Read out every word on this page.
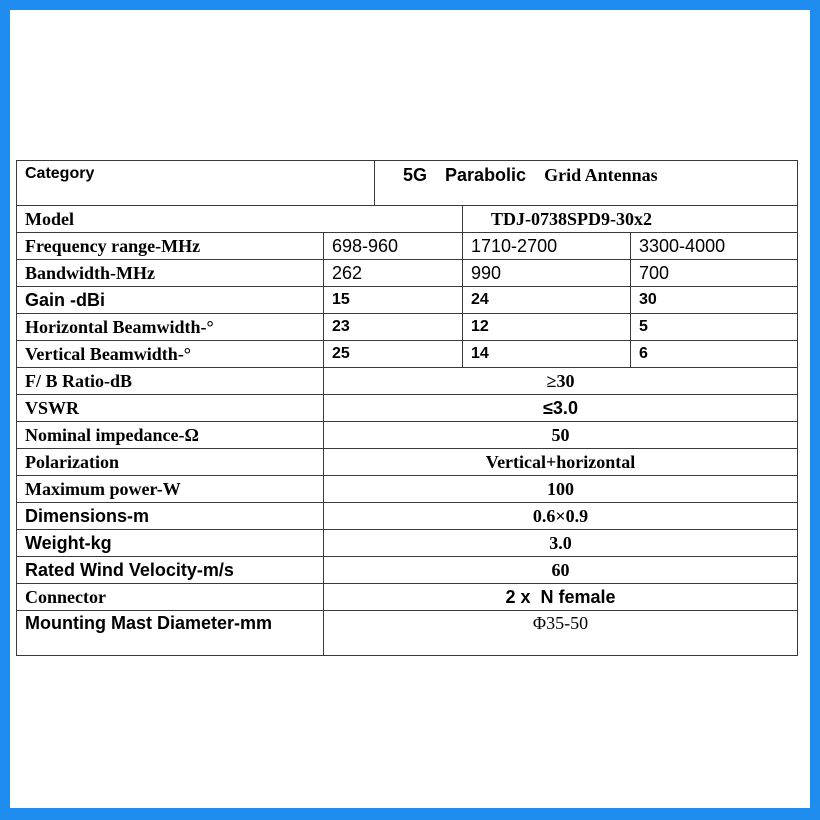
Category		5G Parabolic Grid Antennas		
Model			TDJ-0738SPD9-30x2	
Frequency range-MHz	698-960		1710-2700	3300-4000
Bandwidth-MHz	262		990	700
Gain -dBi	15		24	30
Horizontal Beamwidth-°	23		12	5
Vertical Beamwidth-°	25		14	6
F/ B Ratio-dB	≥30			
VSWR	≤3.0			
Nominal impedance-Ω	50			
Polarization	Vertical+horizontal			
Maximum power-W	100			
Dimensions-m	0.6×0.9			
Weight-kg	3.0			
Rated Wind Velocity-m/s	60			
Connector	2 x  N female			
Mounting Mast Diameter-mm	Φ35-50			
